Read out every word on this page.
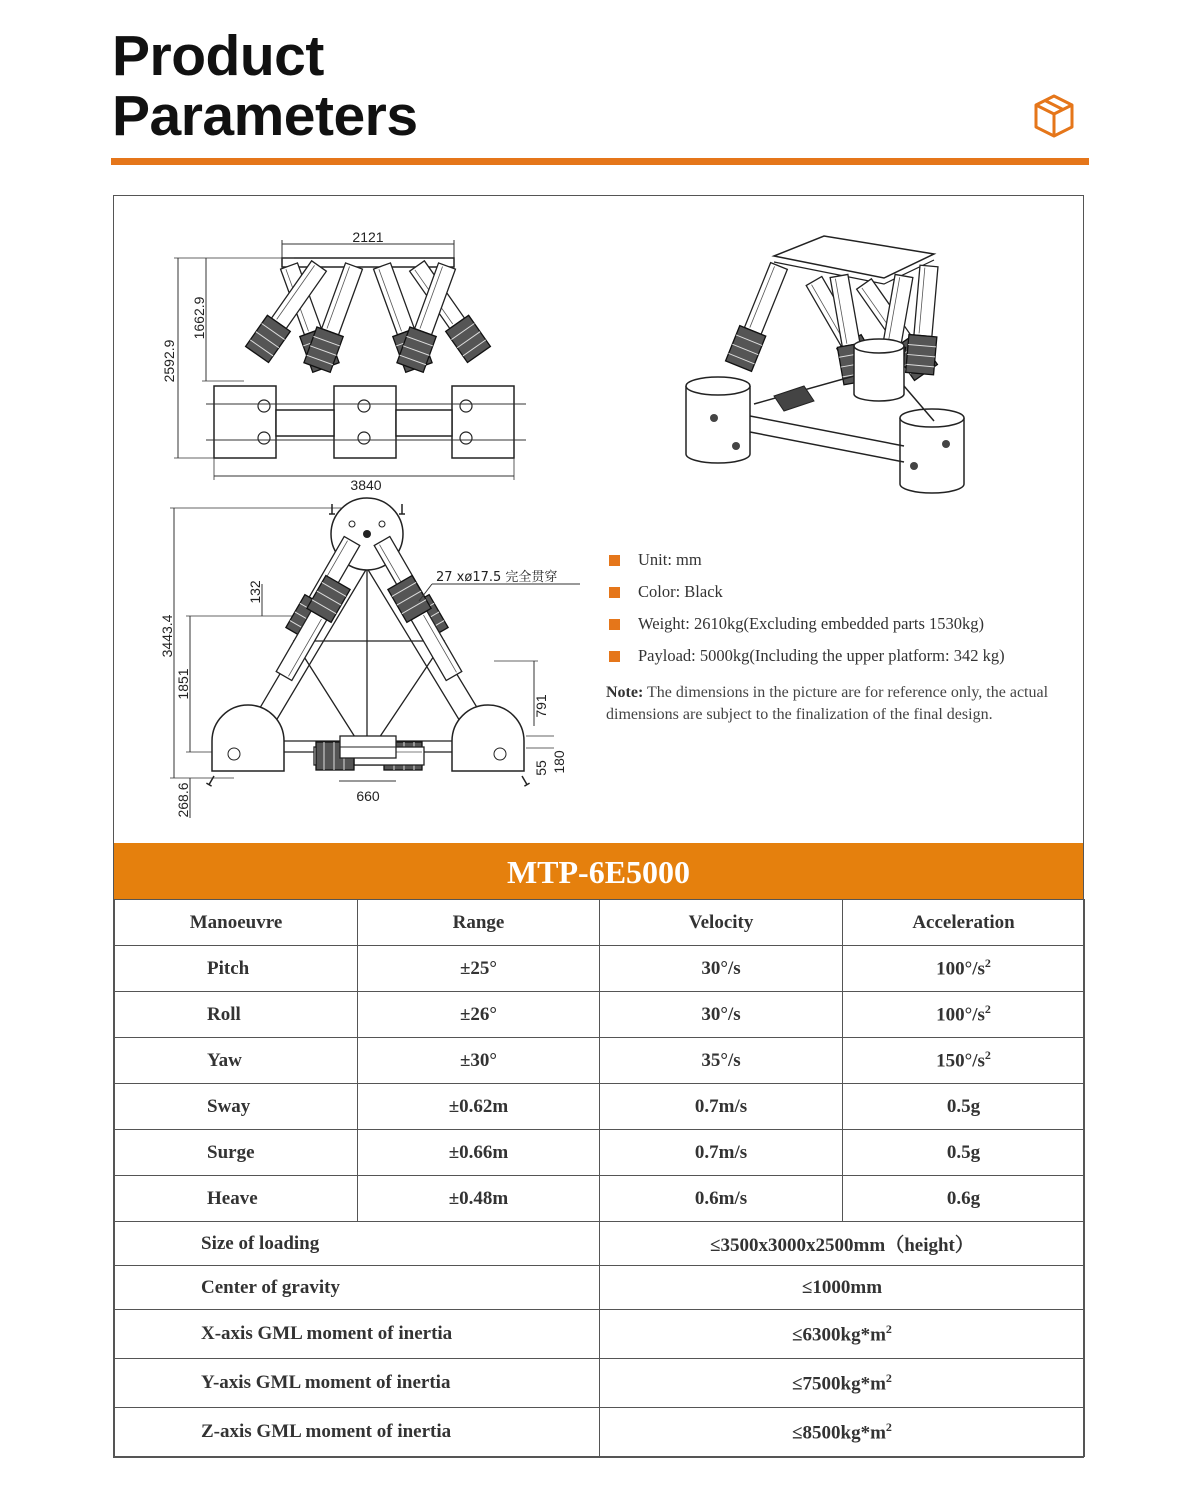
Product
Parameters
2121
2592.9
1662.9
3840
3443.4
1851
132
268.6	660
791
55 180
27 xø17.5 完全贯穿
Unit: mm
Color: Black
Weight: 2610kg(Excluding embedded parts 1530kg)
Payload: 5000kg(Including the upper platform: 342 kg)
Note: The dimensions in the picture are for reference only, the actual dimensions are subject to the finalization of the final design.
MTP-6E5000
Manoeuvre	Range	Velocity	Acceleration
Pitch	±25°	30°/s	$100^\circ/s^2$
Roll	±26°	30°/s	$100^\circ/s^2$
Yaw	±30°	35°/s	$150^\circ/s^2$
Sway	±0.62m	0.7m/s	0.5g
Surge	±0.66m	0.7m/s	0.5g
Heave	±0.48m	0.6m/s	0.6g
Size of loading		≤3500x3000x2500mm（height）	
Center of gravity		≤1000mm	
X-axis GML moment of inertia		$\le 6300kg*m^2$
Y-axis GML moment of inertia		$\le 7500kg*m^2$
Z-axis GML moment of inertia		$\le 8500kg*m^2$
